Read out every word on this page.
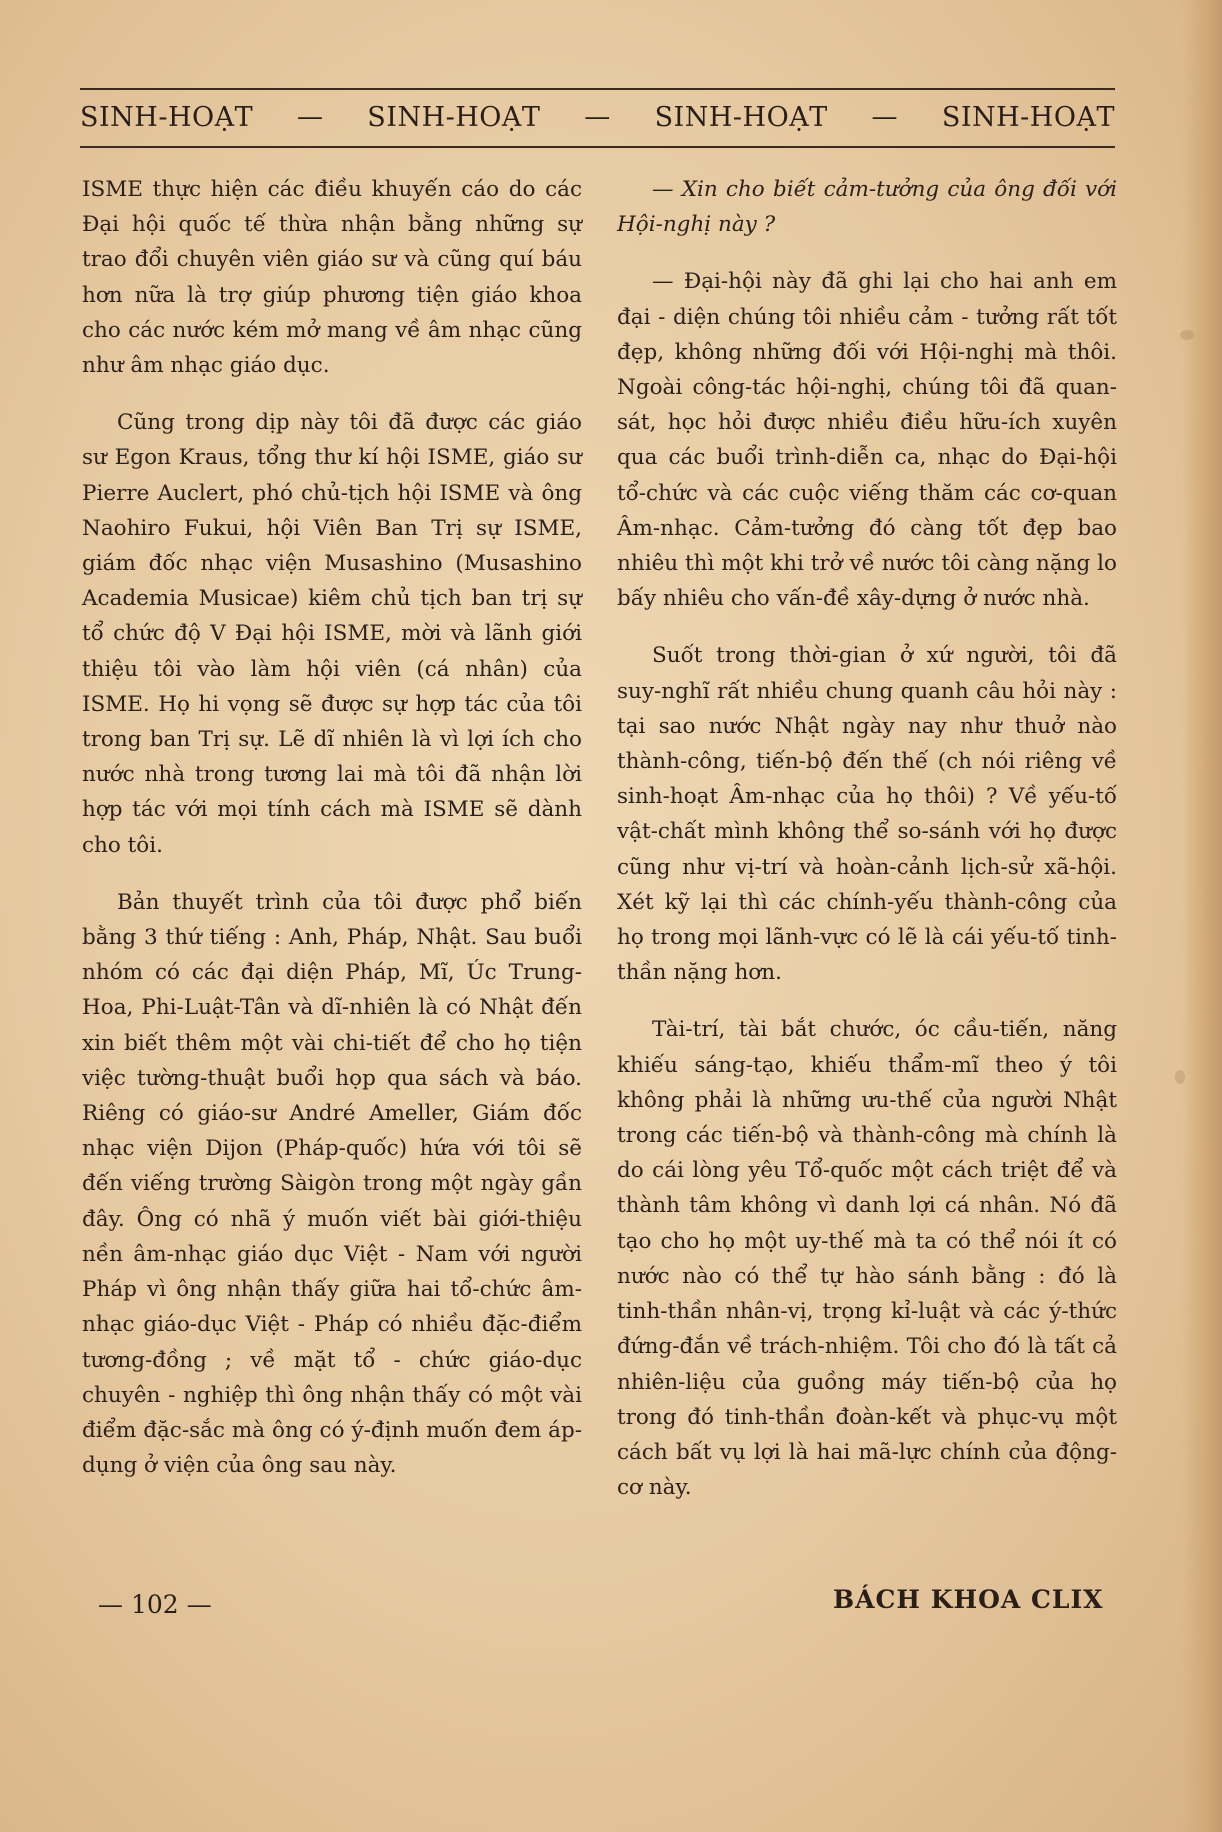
SINH-HOẠT — SINH-HOẠT — SINH-HOẠT — SINH-HOẠT

ISME thực hiện các điều khuyến cáo do các Đại hội quốc tế thừa nhận bằng những sự trao đổi chuyên viên giáo sư và cũng quí báu hơn nữa là trợ giúp phương tiện giáo khoa cho các nước kém mở mang về âm nhạc cũng như âm nhạc giáo dục.

Cũng trong dịp này tôi đã được các giáo sư Egon Kraus, tổng thư kí hội ISME, giáo sư Pierre Auclert, phó chủ-tịch hội ISME và ông Naohiro Fukui, hội Viên Ban Trị sự ISME, giám đốc nhạc viện Musashino (Musashino Academia Musicae) kiêm chủ tịch ban trị sự tổ chức độ V Đại hội ISME, mời và lãnh giới thiệu tôi vào làm hội viên (cá nhân) của ISME. Họ hi vọng sẽ được sự hợp tác của tôi trong ban Trị sự. Lẽ dĩ nhiên là vì lợi ích cho nước nhà trong tương lai mà tôi đã nhận lời hợp tác với mọi tính cách mà ISME sẽ dành cho tôi.

Bản thuyết trình của tôi được phổ biến bằng 3 thứ tiếng : Anh, Pháp, Nhật. Sau buổi nhóm có các đại diện Pháp, Mĩ, Úc Trung-Hoa, Phi-Luật-Tân và dĩ-nhiên là có Nhật đến xin biết thêm một vài chi-tiết để cho họ tiện việc tường-thuật buổi họp qua sách và báo. Riêng có giáo-sư André Ameller, Giám đốc nhạc viện Dijon (Pháp-quốc) hứa với tôi sẽ đến viếng trường Sàigòn trong một ngày gần đây. Ông có nhã ý muốn viết bài giới-thiệu nền âm-nhạc giáo dục Việt - Nam với người Pháp vì ông nhận thấy giữa hai tổ-chức âm-nhạc giáo-dục Việt - Pháp có nhiều đặc-điểm tương-đồng ; về mặt tổ - chức giáo-dục chuyên - nghiệp thì ông nhận thấy có một vài điểm đặc-sắc mà ông có ý-định muốn đem áp-dụng ở viện của ông sau này.

— Xin cho biết cảm-tưởng của ông đối với Hội-nghị này ?

— Đại-hội này đã ghi lại cho hai anh em đại - diện chúng tôi nhiều cảm - tưởng rất tốt đẹp, không những đối với Hội-nghị mà thôi. Ngoài công-tác hội-nghị, chúng tôi đã quan-sát, học hỏi được nhiều điều hữu-ích xuyên qua các buổi trình-diễn ca, nhạc do Đại-hội tổ-chức và các cuộc viếng thăm các cơ-quan Âm-nhạc. Cảm-tưởng đó càng tốt đẹp bao nhiêu thì một khi trở về nước tôi càng nặng lo bấy nhiêu cho vấn-đề xây-dựng ở nước nhà.

Suốt trong thời-gian ở xứ người, tôi đã suy-nghĩ rất nhiều chung quanh câu hỏi này : tại sao nước Nhật ngày nay như thuở nào thành-công, tiến-bộ đến thế (ch nói riêng về sinh-hoạt Âm-nhạc của họ thôi) ? Về yếu-tố vật-chất mình không thể so-sánh với họ được cũng như vị-trí và hoàn-cảnh lịch-sử xã-hội. Xét kỹ lại thì các chính-yếu thành-công của họ trong mọi lãnh-vực có lẽ là cái yếu-tố tinh-thần nặng hơn.

Tài-trí, tài bắt chước, óc cầu-tiến, năng khiếu sáng-tạo, khiếu thẩm-mĩ theo ý tôi không phải là những ưu-thế của người Nhật trong các tiến-bộ và thành-công mà chính là do cái lòng yêu Tổ-quốc một cách triệt để và thành tâm không vì danh lợi cá nhân. Nó đã tạo cho họ một uy-thế mà ta có thể nói ít có nước nào có thể tự hào sánh bằng : đó là tinh-thần nhân-vị, trọng kỉ-luật và các ý-thức đứng-đắn về trách-nhiệm. Tôi cho đó là tất cả nhiên-liệu của guồng máy tiến-bộ của họ trong đó tinh-thần đoàn-kết và phục-vụ một cách bất vụ lợi là hai mã-lực chính của động-cơ này.

— 102 —	BÁCH KHOA CLIX
